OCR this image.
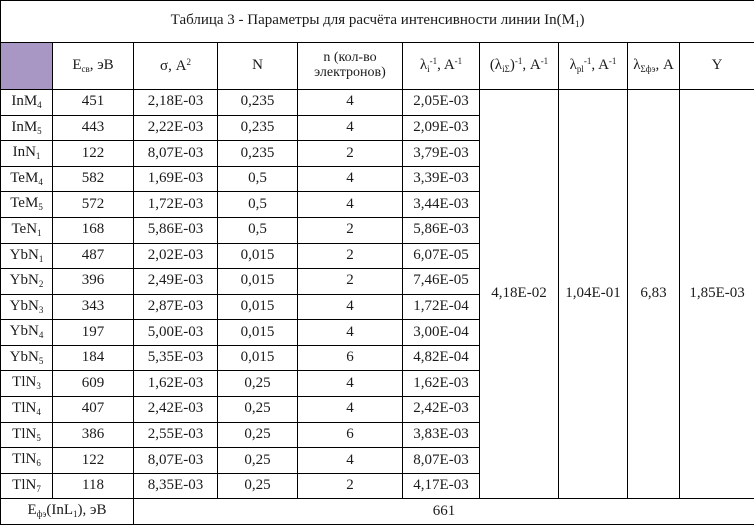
Таблица 3 - Параметры для расчёта интенсивности линии $In(M_1)$									
	$E_{св}$, эВ	σ, $A^2$	N	n (кол-во электронов)	$\lambda_i^{-1}$, $A^{-1}$	$(\lambda_{i\Sigma})^{-1}$, $A^{-1}$	$\lambda_{pl}^{-1}$, $A^{-1}$	$\lambda_{\Sigma фэ}$, A	Y
InM$_4$	451	2,18E-03	0,235	4	2,05E-03	4,18E-02	1,04E-01	6,83	1,85E-03
InM$_5$	443	2,22E-03	0,235	4	2,09E-03				
InN$_1$	122	8,07E-03	0,235	2	3,79E-03				
TeM$_4$	582	1,69E-03	0,5	4	3,39E-03				
TeM$_5$	572	1,72E-03	0,5	4	3,44E-03				
TeN$_1$	168	5,86E-03	0,5	2	5,86E-03				
YbN$_1$	487	2,02E-03	0,015	2	6,07E-05				
YbN$_2$	396	2,49E-03	0,015	2	7,46E-05				
YbN$_3$	343	2,87E-03	0,015	4	1,72E-04				
YbN$_4$	197	5,00E-03	0,015	4	3,00E-04				
YbN$_5$	184	5,35E-03	0,015	6	4,82E-04				
TlN$_3$	609	1,62E-03	0,25	4	1,62E-03				
TlN$_4$	407	2,42E-03	0,25	4	2,42E-03				
TlN$_5$	386	2,55E-03	0,25	6	3,83E-03				
TlN$_6$	122	8,07E-03	0,25	4	8,07E-03				
TlN$_7$	118	8,35E-03	0,25	2	4,17E-03				
$E_{фэ}(InL_1)$, эВ		661							
